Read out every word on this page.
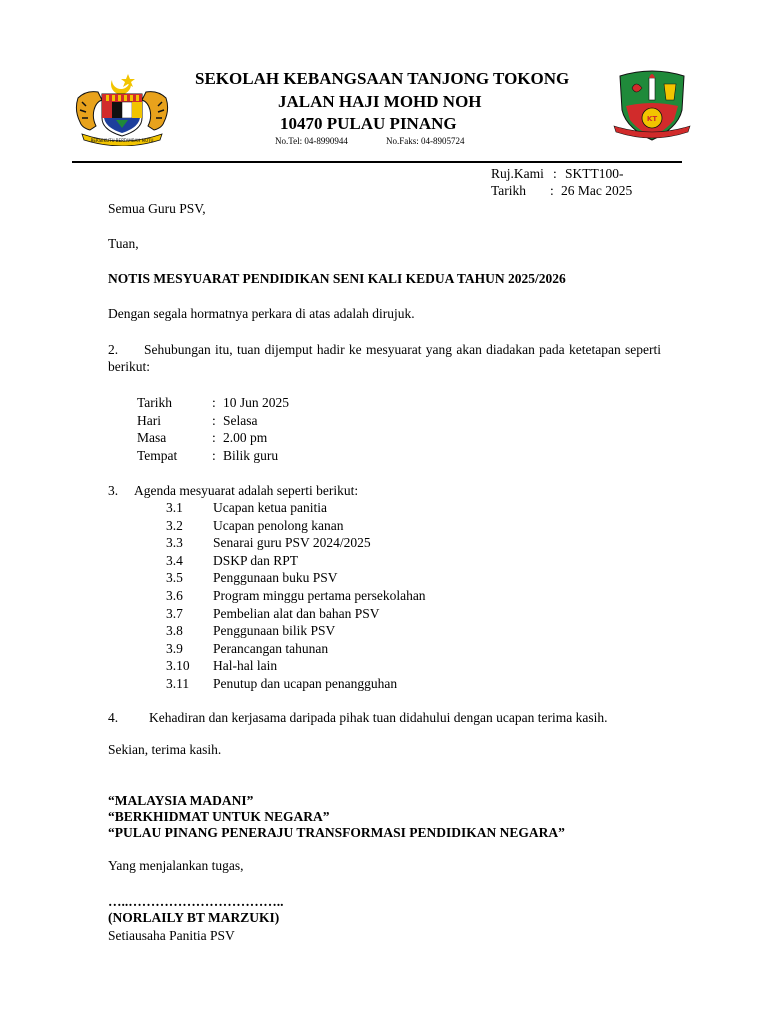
BERSEKUTU BERTAMBAH MUTU
SEKOLAH KEBANGSAAN TANJONG TOKONG
JALAN HAJI MOHD NOH
10470 PULAU PINANG
No.Tel: 04-8990944	No.Faks: 04-8905724
KT
Ruj.Kami : SKTT100-
Tarikh : 26 Mac 2025
Semua Guru PSV,
Tuan,
NOTIS MESYUARAT PENDIDIKAN SENI KALI KEDUA TAHUN 2025/2026
Dengan segala hormatnya perkara di atas adalah dirujuk.
2.	Sehubungan itu, tuan dijemput hadir ke mesyuarat yang akan diadakan pada ketetapan seperti berikut:
Tarikh	: 10 Jun 2025
Hari	: Selasa
Masa	: 2.00 pm
Tempat	: Bilik guru
3. Agenda mesyuarat adalah seperti berikut:
3.1 Ucapan ketua panitia
3.2 Ucapan penolong kanan
3.3 Senarai guru PSV 2024/2025
3.4 DSKP dan RPT
3.5 Penggunaan buku PSV
3.6 Program minggu pertama persekolahan
3.7 Pembelian alat dan bahan PSV
3.8 Penggunaan bilik PSV
3.9 Perancangan tahunan
3.10 Hal-hal lain
3.11 Penutup dan ucapan penangguhan
4. Kehadiran dan kerjasama daripada pihak tuan didahului dengan ucapan terima kasih.
Sekian, terima kasih.
“MALAYSIA MADANI”
“BERKHIDMAT UNTUK NEGARA”
“PULAU PINANG PENERAJU TRANSFORMASI PENDIDIKAN NEGARA”
Yang menjalankan tugas,
…..……………………………..
(NORLAILY BT MARZUKI)
Setiausaha Panitia PSV
